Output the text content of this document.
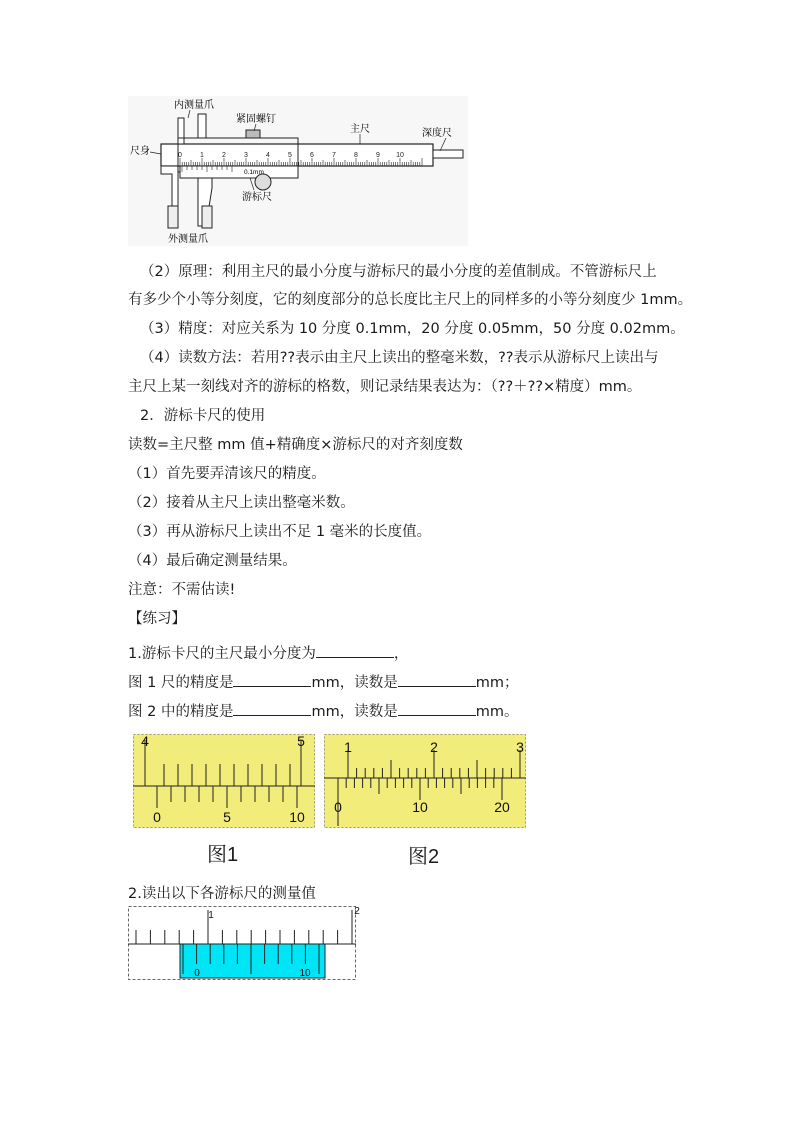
0	1	2	3	4	5	6	7	8	9 10
内测量爪
紧固螺钉
主尺	深度尺
尺身
0.1mm
游标尺
外测量爪
（2）原理：利用主尺的最小分度与游标尺的最小分度的差值制成。不管游标尺上
有多少个小等分刻度，它的刻度部分的总长度比主尺上的同样多的小等分刻度少 1mm。
（3）精度：对应关系为 10 分度 0.1mm，20 分度 0.05mm，50 分度 0.02mm。
（4）读数方法：若用??表示由主尺上读出的整毫米数，??表示从游标尺上读出与
主尺上某一刻线对齐的游标的格数，则记录结果表达为：（??＋??×精度）mm。
2．游标卡尺的使用
读数=主尺整 mm 值+精确度×游标尺的对齐刻度数
（1）首先要弄清该尺的精度。
（2）接着从主尺上读出整毫米数。
（3）再从游标尺上读出不足 1 毫米的长度值。
（4）最后确定测量结果。
注意：不需估读!
【练习】
1.游标卡尺的主尺最小分度为	，
图 1 尺的精度是	mm，读数是	mm；
图 2 中的精度是	mm，读数是	mm。
4	5
0	5	10
图1
1	2	3
0	10	20
图2
2.读出以下各游标尺的测量值
1	2
0	10
